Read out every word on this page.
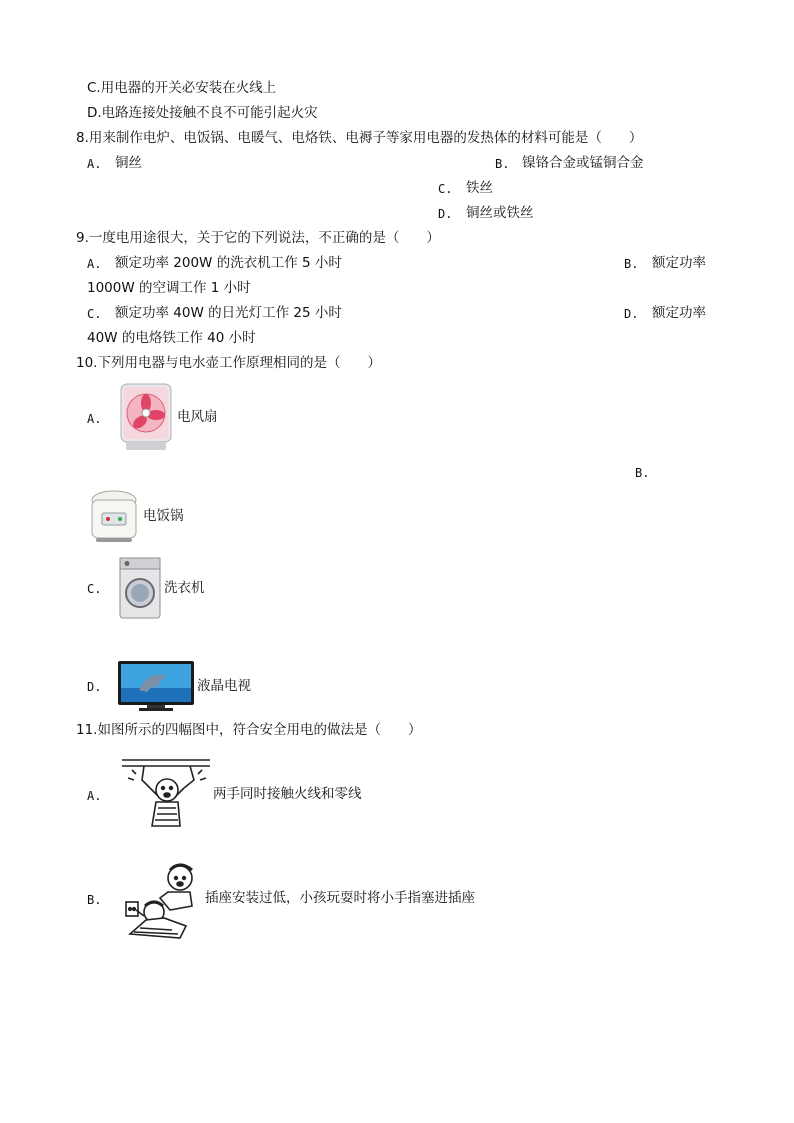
C.用电器的开关必安装在火线上
D.电路连接处接触不良不可能引起火灾
8.用来制作电炉、电饭锅、电暖气、电烙铁、电褥子等家用电器的发热体的材料可能是（　　）
A. 铜丝	B. 镍铬合金或锰铜合金
C. 铁丝
D. 铜丝或铁丝
9.一度电用途很大，关于它的下列说法，不正确的是（　　）
A. 额定功率 200W 的洗衣机工作 5 小时	B. 额定功率
1000W 的空调工作 1 小时
C. 额定功率 40W 的日光灯工作 25 小时	D. 额定功率
40W 的电烙铁工作 40 小时
10.下列用电器与电水壶工作原理相同的是（　　）
A.	电风扇
B.
电饭锅
C.	洗衣机
D.	液晶电视
11.如图所示的四幅图中，符合安全用电的做法是（　　）
A.	两手同时接触火线和零线
B.	插座安装过低，小孩玩耍时将小手指塞进插座
